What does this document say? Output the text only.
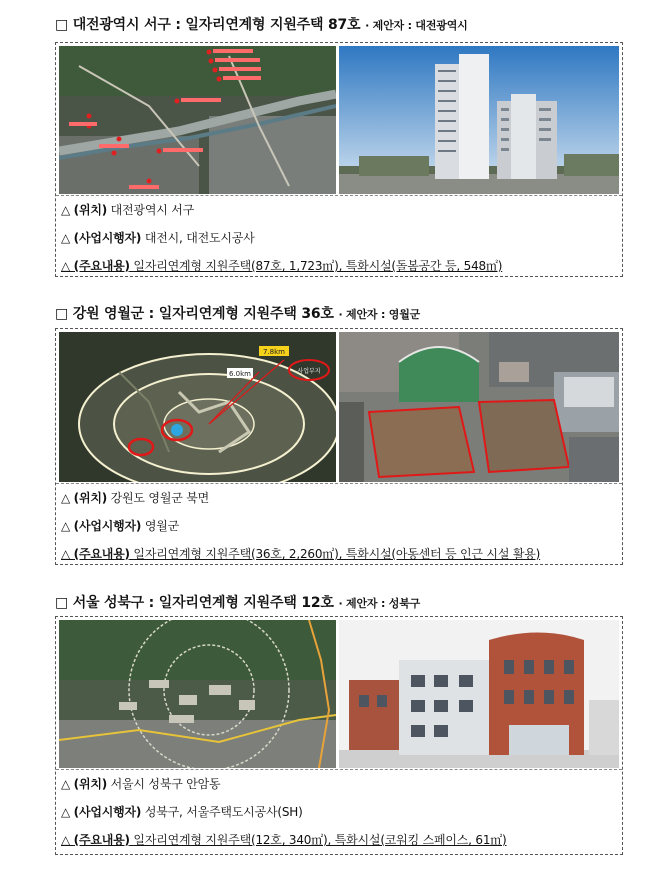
□ 대전광역시 서구 : 일자리연계형 지원주택 87호 · 제안자 : 대전광역시
△ (위치) 대전광역시 서구
△ (사업시행자) 대전시, 대전도시공사
△ (주요내용) 일자리연계형 지원주택(87호, 1,723㎡), 특화시설(돌봄공간 등, 548㎡)
□ 강원 영월군 : 일자리연계형 지원주택 36호 · 제안자 : 영월군
7.8km
6.0km	사업부지
△ (위치) 강원도 영월군 북면
△ (사업시행자) 영월군
△ (주요내용) 일자리연계형 지원주택(36호, 2,260㎡), 특화시설(아동센터 등 인근 시설 활용)
□ 서울 성북구 : 일자리연계형 지원주택 12호 · 제안자 : 성북구
△ (위치) 서울시 성북구 안암동
△ (사업시행자) 성북구, 서울주택도시공사(SH)
△ (주요내용) 일자리연계형 지원주택(12호, 340㎡), 특화시설(코워킹 스페이스, 61㎡)
